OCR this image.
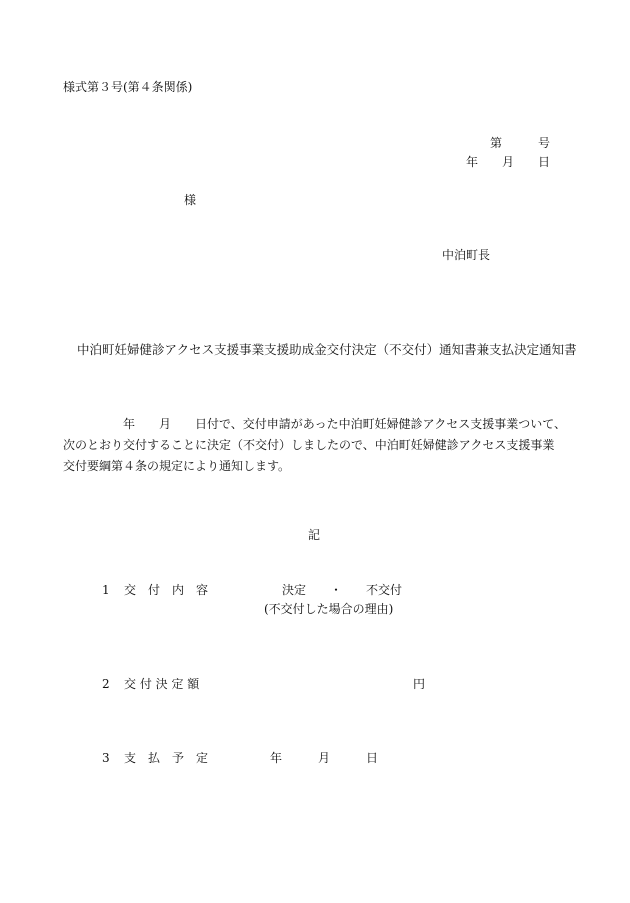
様式第３号(第４条関係)
第　　　号
年　　月　　日
様
中泊町長
中泊町妊婦健診アクセス支援事業支援助成金交付決定（不交付）通知書兼支払決定通知書
　　　　　年　　月　　日付で、交付申請があった中泊町妊婦健診アクセス支援事業ついて、
次のとおり交付することに決定（不交付）しましたので、中泊町妊婦健診アクセス支援事業
交付要綱第４条の規定により通知します。
記
1 交　付　内　容	決定　　・　　不交付
(不交付した場合の理由)
2 交 付 決 定 額	円
3 支　払　予　定	年　　　月　　　日
